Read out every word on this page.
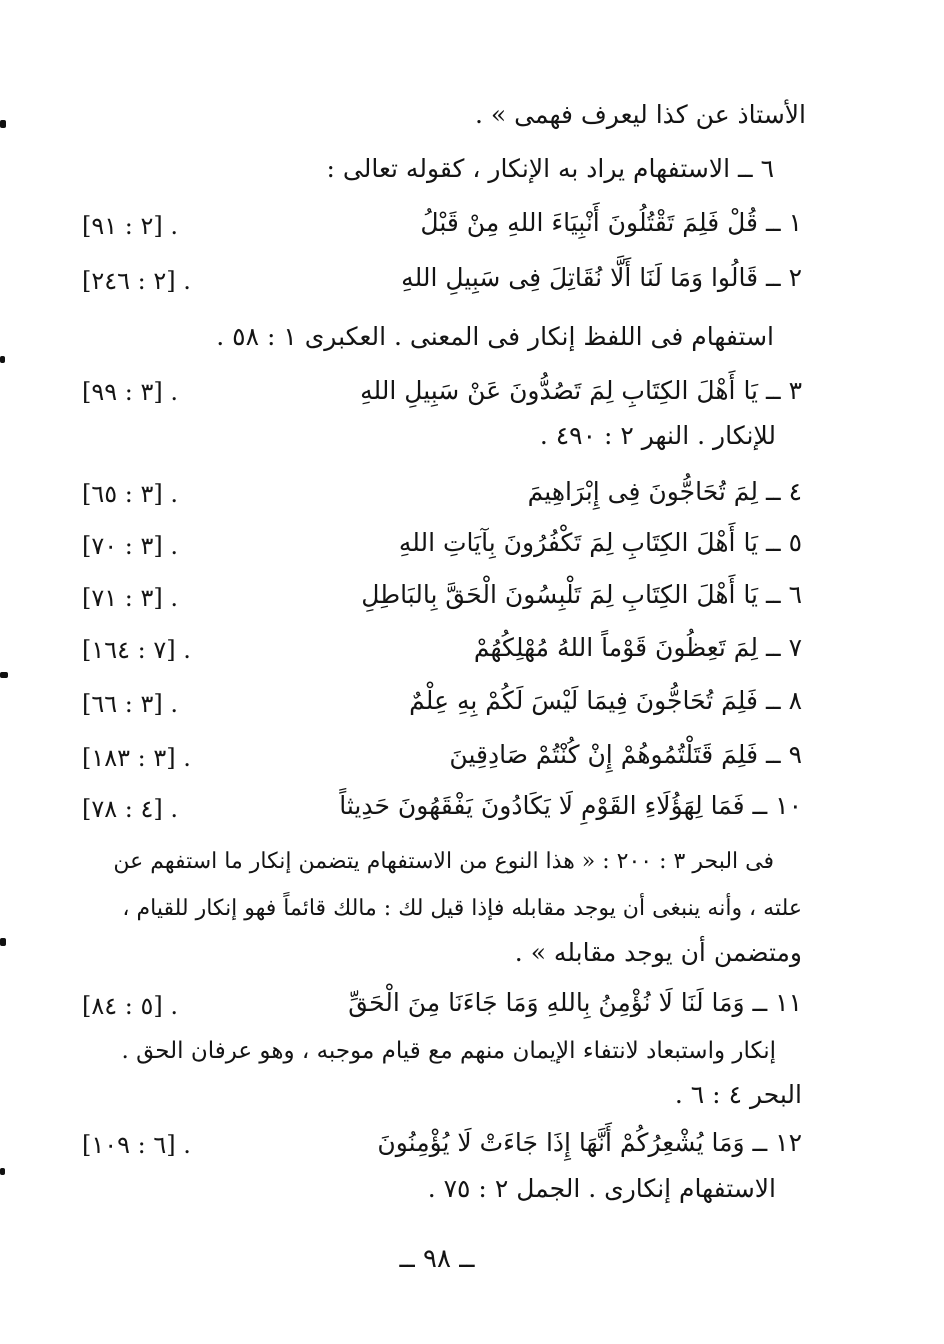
الأستاذ عن كذا ليعرف فهمى » .
٦ ــ الاستفهام يراد به الإنكار ، كقوله تعالى :
١ ــ قُلْ فَلِمَ تَقْتُلُونَ أَنْبِيَاءَ اللهِ مِنْ قَبْلُ
٢ ــ قَالُوا وَمَا لَنَا أَلَّا نُقَاتِلَ فِى سَبِيلِ اللهِ
استفهام فى اللفظ إنكار فى المعنى . العكبرى ١ : ٥٨ .
٣ ــ يَا أَهْلَ الكِتَابِ لِمَ تَصُدُّونَ عَنْ سَبِيلِ اللهِ
للإنكار . النهر ٢ : ٤٩٠ .
٤ ــ لِمَ تُحَاجُّونَ فِى إِبْرَاهِيمَ
٥ ــ يَا أَهْلَ الكِتَابِ لِمَ تَكْفُرُونَ بِآيَاتِ اللهِ
٦ ــ يَا أَهْلَ الكِتَابِ لِمَ تَلْبِسُونَ الْحَقَّ بِالبَاطِلِ
٧ ــ لِمَ تَعِظُونَ قَوْماً اللهُ مُهْلِكُهُمْ
٨ ــ فَلِمَ تُحَاجُّونَ فِيمَا لَيْسَ لَكُمْ بِهِ عِلْمٌ
٩ ــ فَلِمَ قَتَلْتُمُوهُمْ إِنْ كُنْتُمْ صَادِقِينَ
١٠ ــ فَمَا لِهَؤُلَاءِ القَوْمِ لَا يَكَادُونَ يَفْقَهُونَ حَدِيثاً
فى البحر ٣ : ٢٠٠ : « هذا النوع من الاستفهام يتضمن إنكار ما استفهم عن
علته ، وأنه ينبغى أن يوجد مقابله فإذا قيل لك : مالك قائماً فهو إنكار للقيام ،
ومتضمن أن يوجد مقابله » .
١١ ــ وَمَا لَنَا لَا نُؤْمِنُ بِاللهِ وَمَا جَاءَنَا مِنَ الْحَقِّ
إنكار واستبعاد لانتفاء الإيمان منهم مع قيام موجبه ، وهو عرفان الحق .
البحر ٤ : ٦ .
١٢ ــ وَمَا يُشْعِرُكُمْ أَنَّهَا إِذَا جَاءَتْ لَا يُؤْمِنُونَ
الاستفهام إنكارى . الجمل ٢ : ٧٥ .
[٢ : ٩١] .
[٢ : ٢٤٦] .
[٣ : ٩٩] .
[٣ : ٦٥] .
[٣ : ٧٠] .
[٣ : ٧١] .
[٧ : ١٦٤] .
[٣ : ٦٦] .
[٣ : ١٨٣] .
[٤ : ٧٨] .
[٥ : ٨٤] .
[٦ : ١٠٩] .
ــ ٩٨ ــ
